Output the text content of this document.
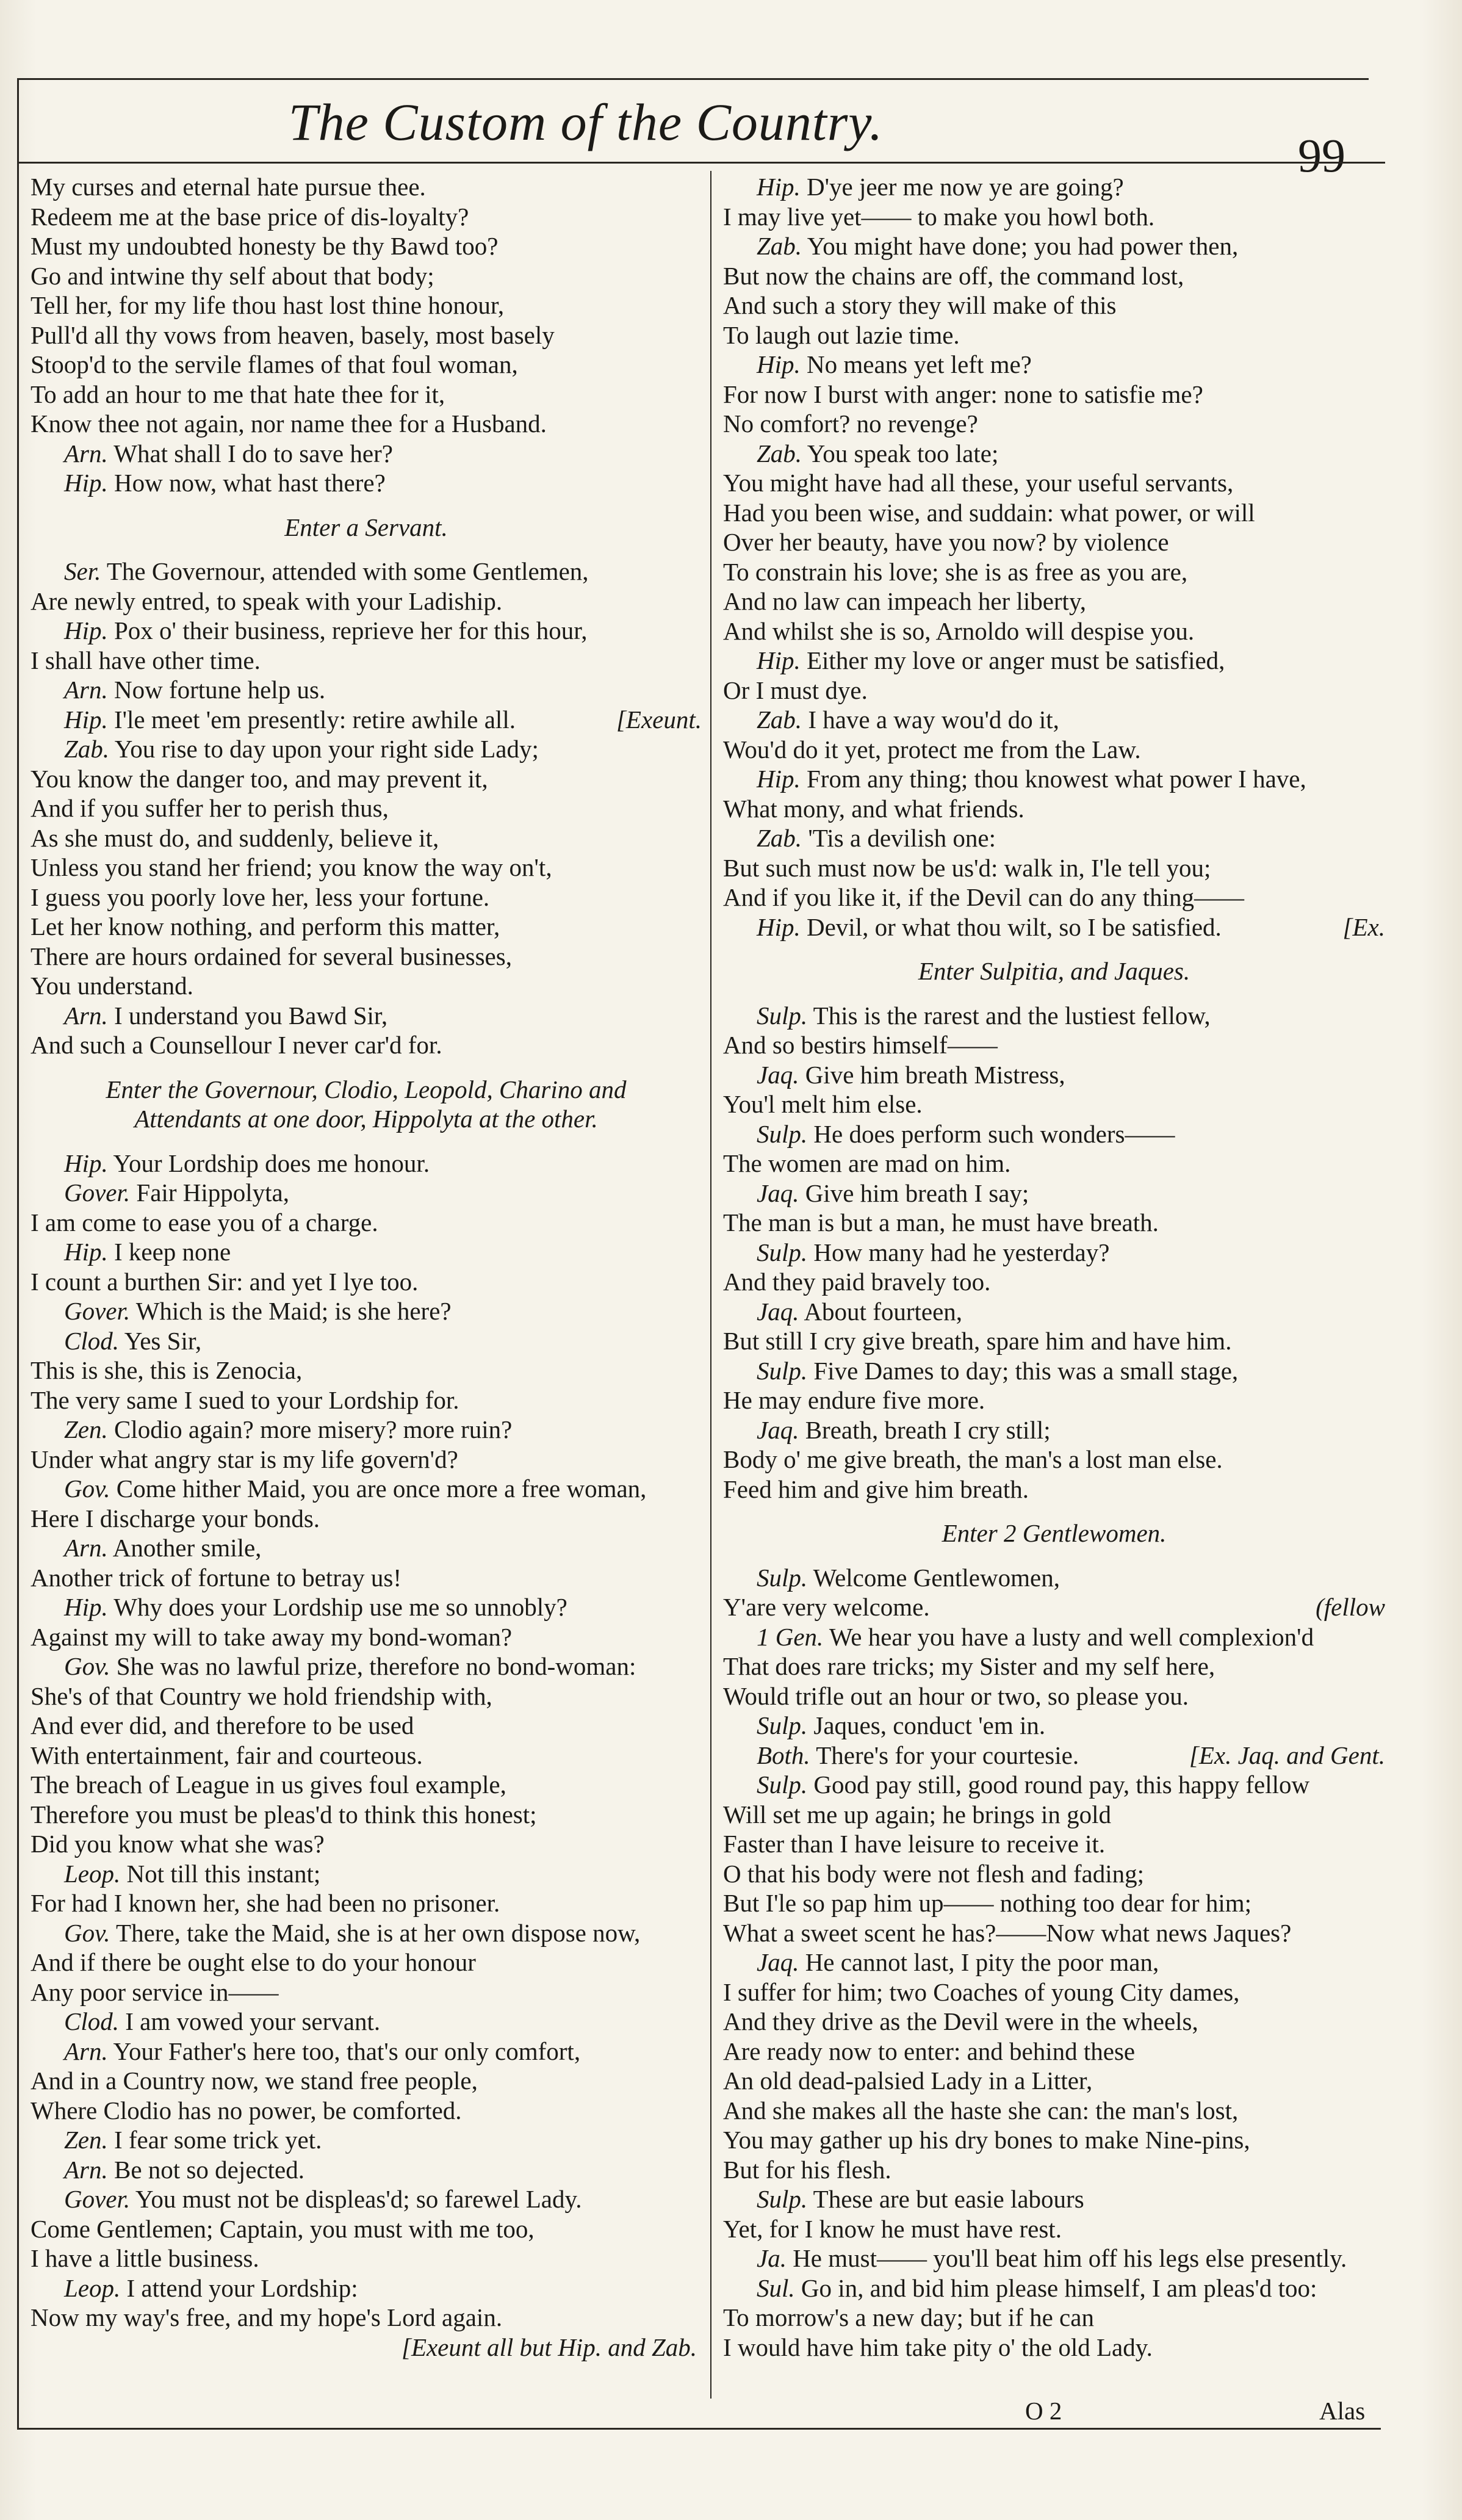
The Custom of the Country.
99
My curses and eternal hate pursue thee.
Redeem me at the base price of dis-loyalty?
Must my undoubted honesty be thy Bawd too?
Go and intwine thy self about that body;
Tell her, for my life thou hast lost thine honour,
Pull'd all thy vows from heaven, basely, most basely
Stoop'd to the servile flames of that foul woman,
To add an hour to me that hate thee for it,
Know thee not again, nor name thee for a Husband.
Arn. What shall I do to save her?
Hip. How now, what hast there?
Enter a Servant.
Ser. The Governour, attended with some Gentlemen,
Are newly entred, to speak with your Ladiship.
Hip. Pox o' their business, reprieve her for this hour,
I shall have other time.
Arn. Now fortune help us.
Hip. I'le meet 'em presently: retire awhile all.	[Exeunt.
Zab. You rise to day upon your right side Lady;
You know the danger too, and may prevent it,
And if you suffer her to perish thus,
As she must do, and suddenly, believe it,
Unless you stand her friend; you know the way on't,
I guess you poorly love her, less your fortune.
Let her know nothing, and perform this matter,
There are hours ordained for several businesses,
You understand.
Arn. I understand you Bawd Sir,
And such a Counsellour I never car'd for.
Enter the Governour, Clodio, Leopold, Charino and
Attendants at one door, Hippolyta at the other.
Hip. Your Lordship does me honour.
Gover. Fair Hippolyta,
I am come to ease you of a charge.
Hip. I keep none
I count a burthen Sir: and yet I lye too.
Gover. Which is the Maid; is she here?
Clod. Yes Sir,
This is she, this is Zenocia,
The very same I sued to your Lordship for.
Zen. Clodio again? more misery? more ruin?
Under what angry star is my life govern'd?
Gov. Come hither Maid, you are once more a free woman,
Here I discharge your bonds.
Arn. Another smile,
Another trick of fortune to betray us!
Hip. Why does your Lordship use me so unnobly?
Against my will to take away my bond-woman?
Gov. She was no lawful prize, therefore no bond-woman:
She's of that Country we hold friendship with,
And ever did, and therefore to be used
With entertainment, fair and courteous.
The breach of League in us gives foul example,
Therefore you must be pleas'd to think this honest;
Did you know what she was?
Leop. Not till this instant;
For had I known her, she had been no prisoner.
Gov. There, take the Maid, she is at her own dispose now,
And if there be ought else to do your honour
Any poor service in——
Clod. I am vowed your servant.
Arn. Your Father's here too, that's our only comfort,
And in a Country now, we stand free people,
Where Clodio has no power, be comforted.
Zen. I fear some trick yet.
Arn. Be not so dejected.
Gover. You must not be displeas'd; so farewel Lady.
Come Gentlemen; Captain, you must with me too,
I have a little business.
Leop. I attend your Lordship:
Now my way's free, and my hope's Lord again.
[Exeunt all but Hip. and Zab.
Hip. D'ye jeer me now ye are going?
I may live yet—— to make you howl both.
Zab. You might have done; you had power then,
But now the chains are off, the command lost,
And such a story they will make of this
To laugh out lazie time.
Hip. No means yet left me?
For now I burst with anger: none to satisfie me?
No comfort? no revenge?
Zab. You speak too late;
You might have had all these, your useful servants,
Had you been wise, and suddain: what power, or will
Over her beauty, have you now? by violence
To constrain his love; she is as free as you are,
And no law can impeach her liberty,
And whilst she is so, Arnoldo will despise you.
Hip. Either my love or anger must be satisfied,
Or I must dye.
Zab. I have a way wou'd do it,
Wou'd do it yet, protect me from the Law.
Hip. From any thing; thou knowest what power I have,
What mony, and what friends.
Zab. 'Tis a devilish one:
But such must now be us'd: walk in, I'le tell you;
And if you like it, if the Devil can do any thing——
Hip. Devil, or what thou wilt, so I be satisfied.	[Ex.
Enter Sulpitia, and Jaques.
Sulp. This is the rarest and the lustiest fellow,
And so bestirs himself——
Jaq. Give him breath Mistress,
You'l melt him else.
Sulp. He does perform such wonders——
The women are mad on him.
Jaq. Give him breath I say;
The man is but a man, he must have breath.
Sulp. How many had he yesterday?
And they paid bravely too.
Jaq. About fourteen,
But still I cry give breath, spare him and have him.
Sulp. Five Dames to day; this was a small stage,
He may endure five more.
Jaq. Breath, breath I cry still;
Body o' me give breath, the man's a lost man else.
Feed him and give him breath.
Enter 2 Gentlewomen.
Sulp. Welcome Gentlewomen,
Y'are very welcome.	(fellow
1 Gen. We hear you have a lusty and well complexion'd
That does rare tricks; my Sister and my self here,
Would trifle out an hour or two, so please you.
Sulp. Jaques, conduct 'em in.
Both. There's for your courtesie.	[Ex. Jaq. and Gent.
Sulp. Good pay still, good round pay, this happy fellow
Will set me up again; he brings in gold
Faster than I have leisure to receive it.
O that his body were not flesh and fading;
But I'le so pap him up—— nothing too dear for him;
What a sweet scent he has?——Now what news Jaques?
Jaq. He cannot last, I pity the poor man,
I suffer for him; two Coaches of young City dames,
And they drive as the Devil were in the wheels,
Are ready now to enter: and behind these
An old dead-palsied Lady in a Litter,
And she makes all the haste she can: the man's lost,
You may gather up his dry bones to make Nine-pins,
But for his flesh.
Sulp. These are but easie labours
Yet, for I know he must have rest.
Ja. He must—— you'll beat him off his legs else presently.
Sul. Go in, and bid him please himself, I am pleas'd too:
To morrow's a new day; but if he can
I would have him take pity o' the old Lady.
O 2	Alas
